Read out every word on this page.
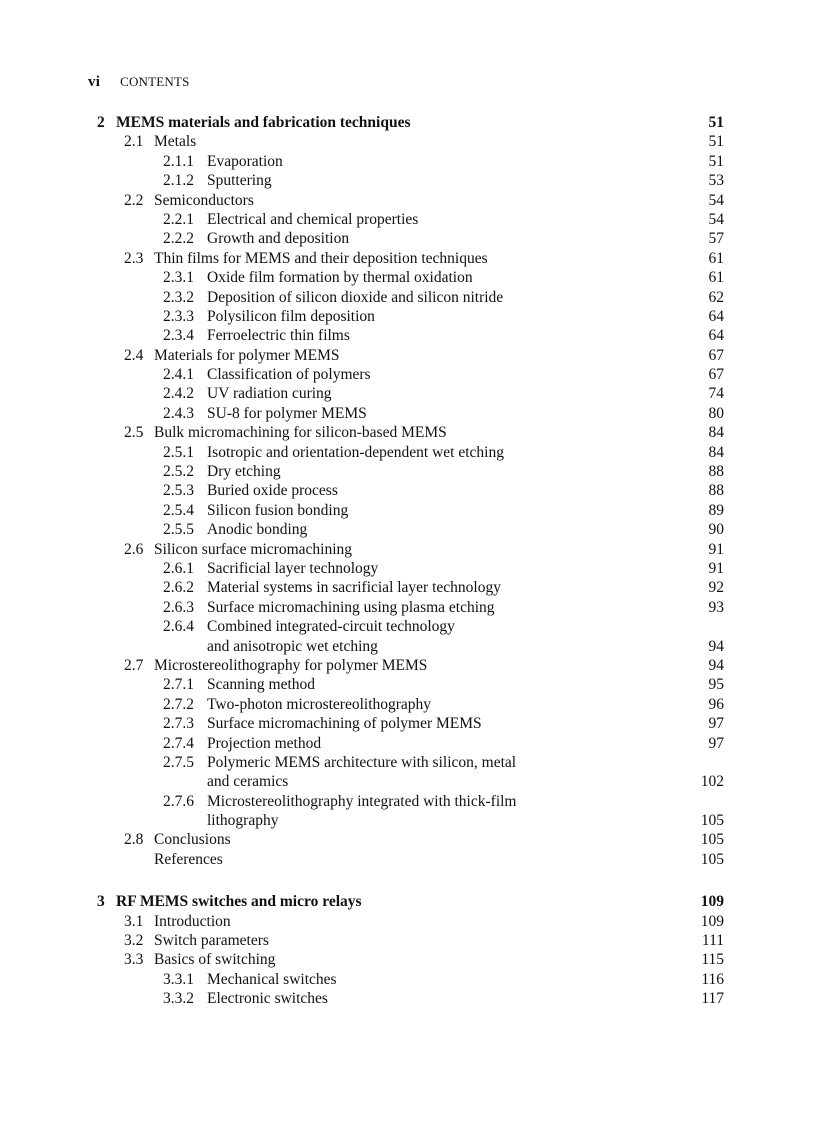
vi CONTENTS
2 MEMS materials and fabrication techniques	51
2.1 Metals	51
2.1.1 Evaporation	51
2.1.2 Sputtering	53
2.2 Semiconductors	54
2.2.1 Electrical and chemical properties	54
2.2.2 Growth and deposition	57
2.3 Thin films for MEMS and their deposition techniques	61
2.3.1 Oxide film formation by thermal oxidation	61
2.3.2 Deposition of silicon dioxide and silicon nitride	62
2.3.3 Polysilicon film deposition	64
2.3.4 Ferroelectric thin films	64
2.4 Materials for polymer MEMS	67
2.4.1 Classification of polymers	67
2.4.2 UV radiation curing	74
2.4.3 SU-8 for polymer MEMS	80
2.5 Bulk micromachining for silicon-based MEMS	84
2.5.1 Isotropic and orientation-dependent wet etching	84
2.5.2 Dry etching	88
2.5.3 Buried oxide process	88
2.5.4 Silicon fusion bonding	89
2.5.5 Anodic bonding	90
2.6 Silicon surface micromachining	91
2.6.1 Sacrificial layer technology	91
2.6.2 Material systems in sacrificial layer technology	92
2.6.3 Surface micromachining using plasma etching	93
2.6.4 Combined integrated-circuit technology
and anisotropic wet etching	94
2.7 Microstereolithography for polymer MEMS	94
2.7.1 Scanning method	95
2.7.2 Two-photon microstereolithography	96
2.7.3 Surface micromachining of polymer MEMS	97
2.7.4 Projection method	97
2.7.5 Polymeric MEMS architecture with silicon, metal
and ceramics	102
2.7.6 Microstereolithography integrated with thick-film
lithography	105
2.8 Conclusions	105
References	105
3 RF MEMS switches and micro relays	109
3.1 Introduction	109
3.2 Switch parameters	111
3.3 Basics of switching	115
3.3.1 Mechanical switches	116
3.3.2 Electronic switches	117
